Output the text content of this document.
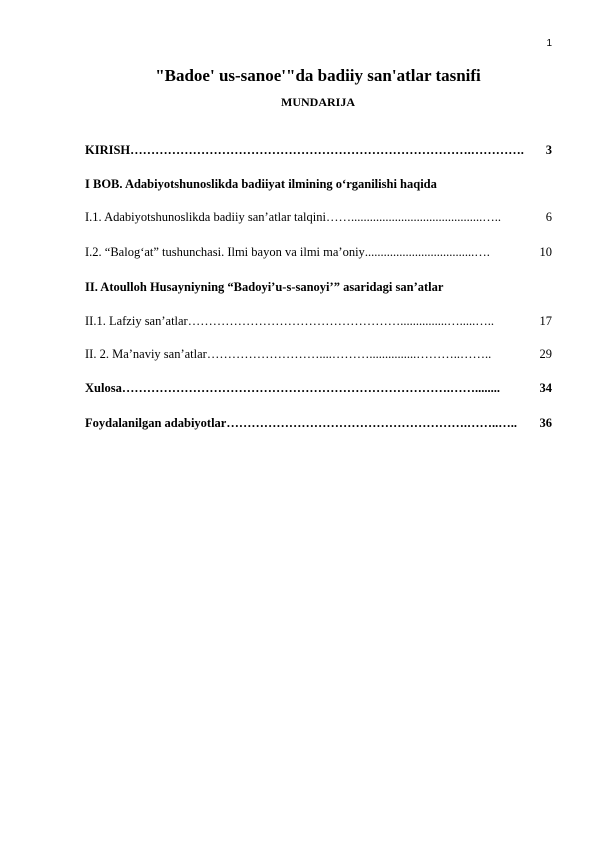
1
"Badoe' us-sanoe'"da badiiy san'atlar tasnifi
MUNDARIJA
KIRISH ……………………………………………………………………….………….	3
I BOB. Adabiyotshunoslikda badiiyat ilmining o‘rganilishi haqida
I.1. Adabiyotshunoslikda badiiy san’atlar talqini ……..........................................…..	6
I.2. “Balog‘at” tushunchasi. Ilmi bayon va ilmi ma’oniy ...................................….	10
II. Atoulloh Husayniyning “Badoyi’u-s-sanoyi’” asaridagi san’atlar
II.1. Lafziy san’atlar ……………………………………………...............….....…..	17
II. 2. Ma’naviy san’atlar ………………………....………...............………..……..	29
Xulosa …………………………………………………………………….……........	34
Foydalanilgan adabiyotlar ………………………………………………….……..…..	36
